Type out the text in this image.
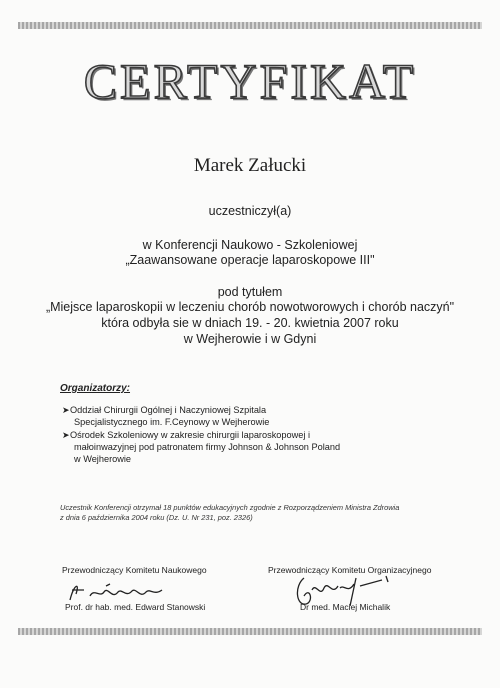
CERTYFIKAT
Marek Załucki
uczestniczył(a)
w Konferencji Naukowo - Szkoleniowej
„Zaawansowane operacje laparoskopowe III"
pod tytułem
„Miejsce laparoskopii w leczeniu chorób nowotworowych i chorób naczyń"
która odbyła sie w dniach 19. - 20. kwietnia 2007 roku
w Wejherowie i w Gdyni
Organizatorzy:
➤Oddział Chirurgii Ogólnej i Naczyniowej Szpitala
Specjalistycznego im. F.Ceynowy w Wejherowie
➤Ośrodek Szkoleniowy w zakresie chirurgii laparoskopowej i
małoinwazyjnej pod patronatem firmy Johnson & Johnson Poland
w Wejherowie
Uczestnik Konferencji otrzymał 18 punktów edukacyjnych zgodnie z Rozporządzeniem Ministra Zdrowia
z dnia 6 października 2004 roku (Dz. U. Nr 231, poz. 2326)
Przewodniczący Komitetu Naukowego
Prof. dr hab. med. Edward Stanowski
Przewodniczący Komitetu Organizacyjnego
Dr med. Maciej Michalik
